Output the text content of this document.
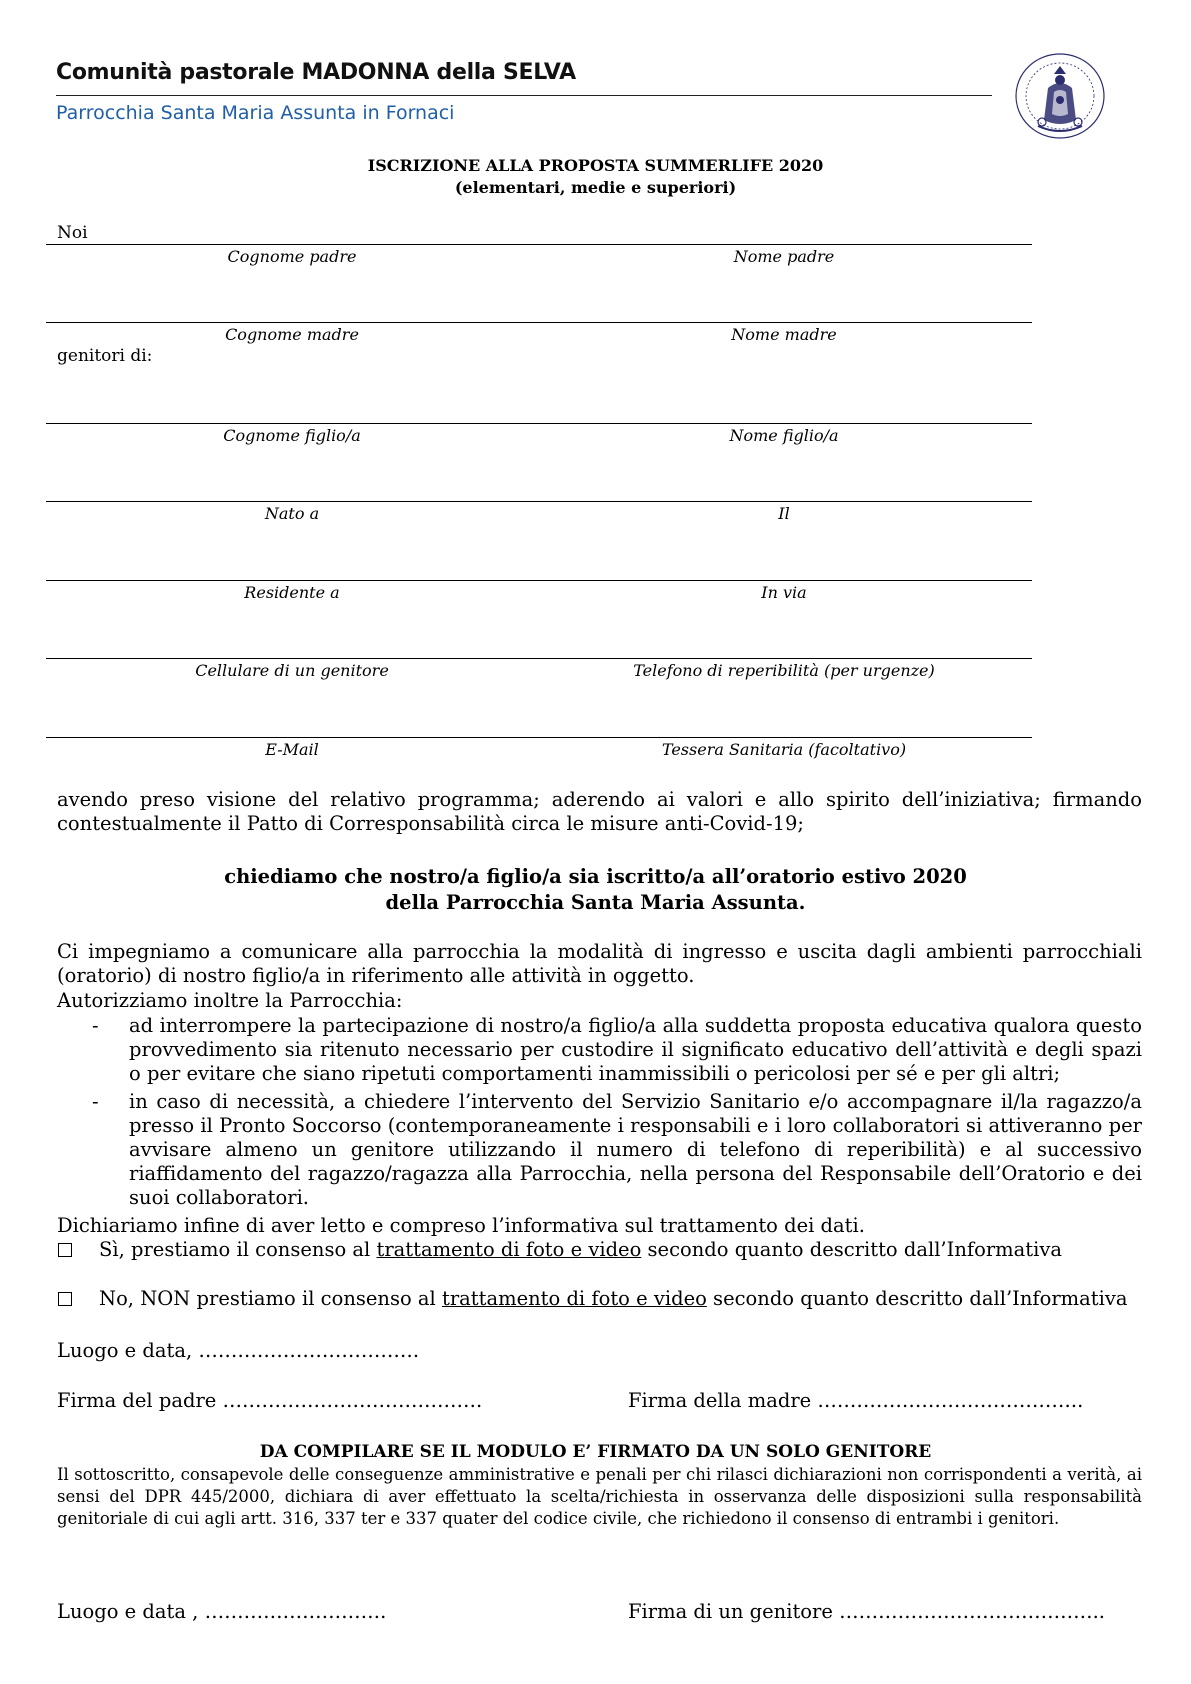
Comunità pastorale MADONNA della SELVA
Parrocchia Santa Maria Assunta in Fornaci
ISCRIZIONE ALLA PROPOSTA SUMMERLIFE 2020
(elementari, medie e superiori)
Noi
Cognome padre	Nome padre
Cognome madre	Nome madre
genitori di:
Cognome figlio/a	Nome figlio/a
Nato a	Il
Residente a	In via
Cellulare di un genitore	Telefono di reperibilità (per urgenze)
E-Mail	Tessera Sanitaria (facoltativo)
avendo preso visione del relativo programma; aderendo ai valori e allo spirito dell’iniziativa; firmando contestualmente il Patto di Corresponsabilità circa le misure anti-Covid-19;
chiediamo che nostro/a figlio/a sia iscritto/a all’oratorio estivo 2020
della Parrocchia Santa Maria Assunta.
Ci impegniamo a comunicare alla parrocchia la modalità di ingresso e uscita dagli ambienti parrocchiali (oratorio) di nostro figlio/a in riferimento alle attività in oggetto.
Autorizziamo inoltre la Parrocchia:
- ad interrompere la partecipazione di nostro/a figlio/a alla suddetta proposta educativa qualora questo provvedimento sia ritenuto necessario per custodire il significato educativo dell’attività e degli spazi o per evitare che siano ripetuti comportamenti inammissibili o pericolosi per sé e per gli altri;
- in caso di necessità, a chiedere l’intervento del Servizio Sanitario e/o accompagnare il/la ragazzo/a presso il Pronto Soccorso (contemporaneamente i responsabili e i loro collaboratori si attiveranno per avvisare almeno un genitore utilizzando il numero di telefono di reperibilità) e al successivo riaffidamento del ragazzo/ragazza alla Parrocchia, nella persona del Responsabile dell’Oratorio e dei suoi collaboratori.
Dichiariamo infine di aver letto e compreso l’informativa sul trattamento dei dati.
Sì, prestiamo il consenso al trattamento di foto e video secondo quanto descritto dall’Informativa
No, NON prestiamo il consenso al trattamento di foto e video secondo quanto descritto dall’Informativa
Luogo e data, …………………………….
Firma del padre ………………………………….	Firma della madre …………………………………..
DA COMPILARE SE IL MODULO E’ FIRMATO DA UN SOLO GENITORE
Il sottoscritto, consapevole delle conseguenze amministrative e penali per chi rilasci dichiarazioni non corrispondenti a verità, ai sensi del DPR 445/2000, dichiara di aver effettuato la scelta/richiesta in osservanza delle disposizioni sulla responsabilità genitoriale di cui agli artt. 316, 337 ter e 337 quater del codice civile, che richiedono il consenso di entrambi i genitori.
Luogo e data , ……………………….	Firma di un genitore …………………………………..
